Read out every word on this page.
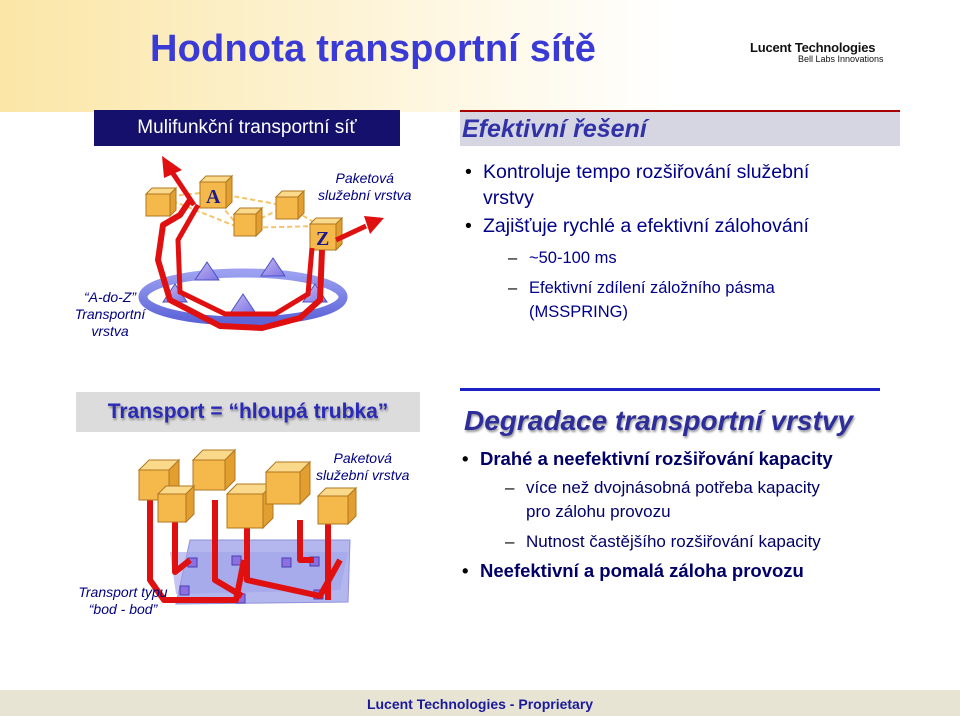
Hodnota transportní sítě	Lucent Technologies
Bell Labs Innovations
Mulifunkční transportní síť
A
Z
Paketová
služební vrstva
“A-do-Z”
Transportní
vrstva
Efektivní řešení
• Kontroluje tempo rozšiřování služební
vrstvy
• Zajišťuje rychlé a efektivní zálohování
– ~50-100 ms
– Efektivní zdílení záložního pásma
(MSSPRING)
Transport = “hloupá trubka”
Paketová
služební vrstva
Transport typu
“bod - bod”
Degradace transportní vrstvy
• Drahé a neefektivní rozšiřování kapacity
– více než dvojnásobná potřeba kapacity
pro zálohu provozu
– Nutnost častějšího rozšiřování kapacity
• Neefektivní a pomalá záloha provozu
Lucent Technologies - Proprietary
